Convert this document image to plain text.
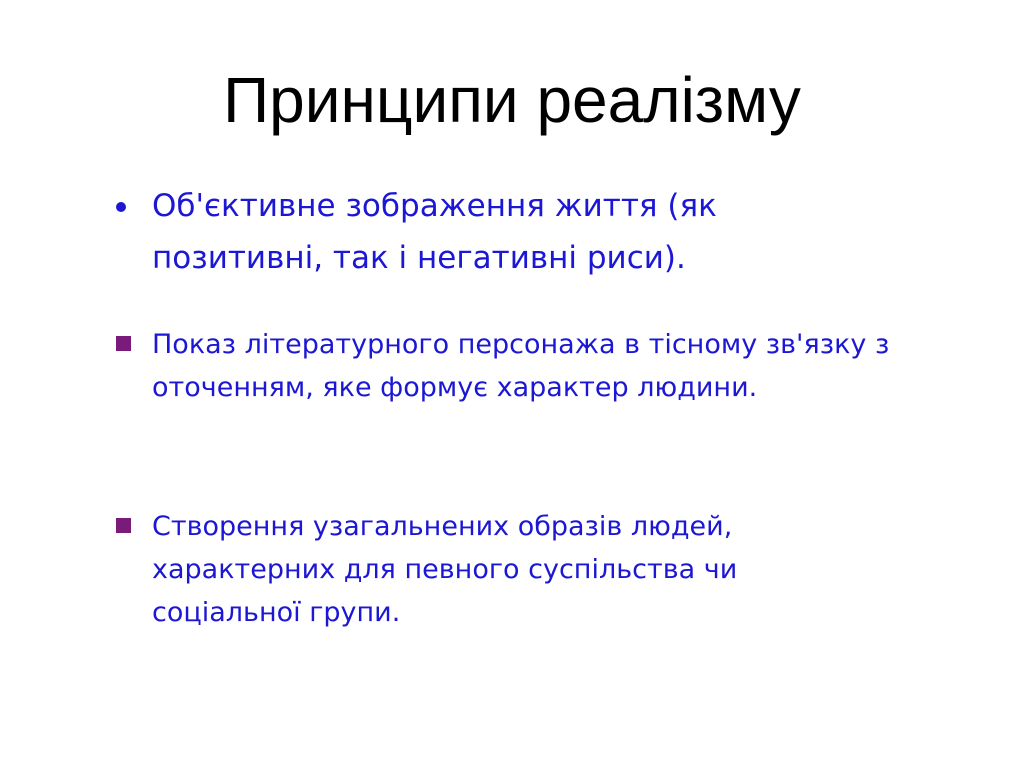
Принципи реалізму
Об'єктивне зображення життя (як позитивні, так і негативні риси).
Показ літературного персонажа в тісному зв'язку з оточенням, яке формує характер людини.
Створення узагальнених образів людей, характерних для певного суспільства чи соціальної групи.
